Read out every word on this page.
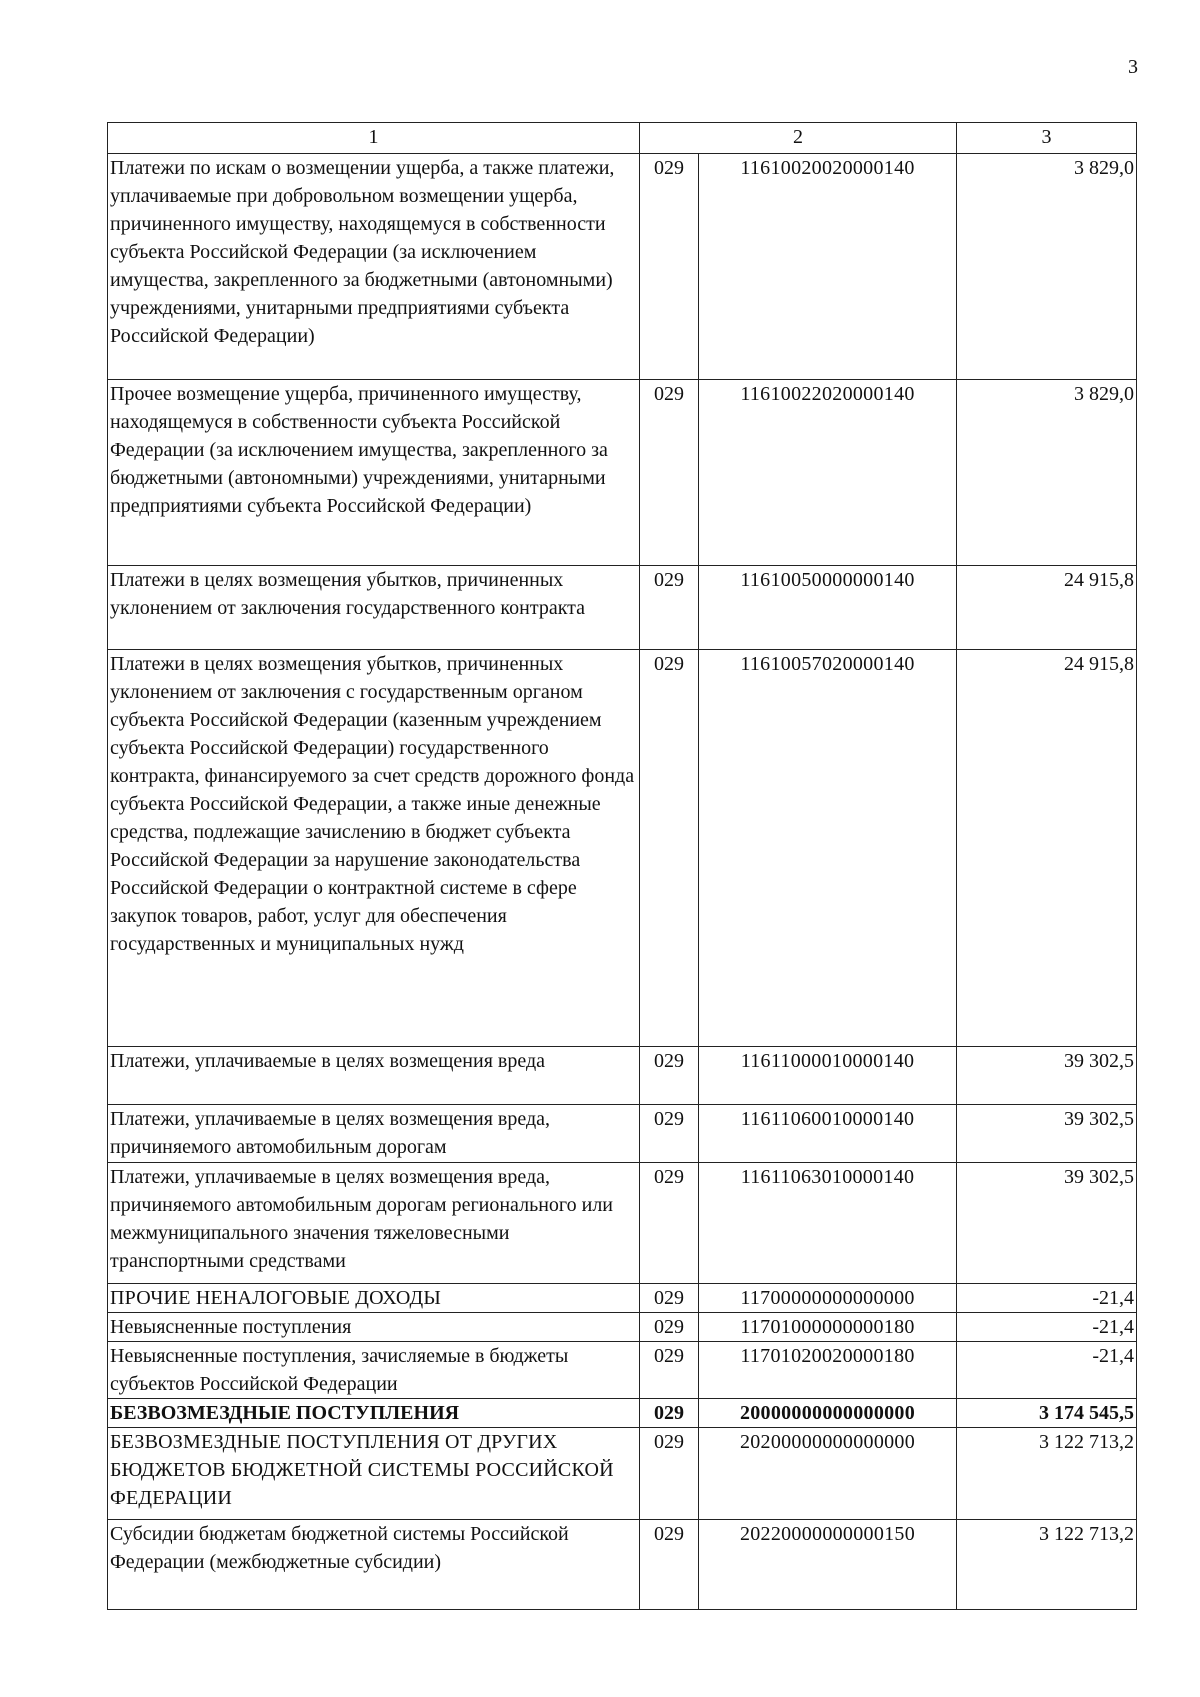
3
1	2		3
Платежи по искам о возмещении ущерба, а также платежи, уплачиваемые при добровольном возмещении ущерба, причиненного имуществу, находящемуся в собственности субъекта Российской Федерации (за исключением имущества, закрепленного за бюджетными (автономными) учреждениями, унитарными предприятиями субъекта Российской Федерации)	029	11610020020000140	3 829,0
Прочее возмещение ущерба, причиненного имуществу, находящемуся в собственности субъекта Российской Федерации (за исключением имущества, закрепленного за бюджетными (автономными) учреждениями, унитарными предприятиями субъекта Российской Федерации)	029	11610022020000140	3 829,0
Платежи в целях возмещения убытков, причиненных уклонением от заключения государственного контракта	029	11610050000000140	24 915,8
Платежи в целях возмещения убытков, причиненных уклонением от заключения с государственным органом субъекта Российской Федерации (казенным учреждением субъекта Российской Федерации) государственного контракта, финансируемого за счет средств дорожного фонда субъекта Российской Федерации, а также иные денежные средства, подлежащие зачислению в бюджет субъекта Российской Федерации за нарушение законодательства Российской Федерации о контрактной системе в сфере закупок товаров, работ, услуг для обеспечения государственных и муниципальных нужд	029	11610057020000140	24 915,8
Платежи, уплачиваемые в целях возмещения вреда	029	11611000010000140	39 302,5
Платежи, уплачиваемые в целях возмещения вреда, причиняемого автомобильным дорогам	029	11611060010000140	39 302,5
Платежи, уплачиваемые в целях возмещения вреда, причиняемого автомобильным дорогам регионального или межмуниципального значения тяжеловесными транспортными средствами	029	11611063010000140	39 302,5
ПРОЧИЕ НЕНАЛОГОВЫЕ ДОХОДЫ	029	11700000000000000	-21,4
Невыясненные поступления	029	11701000000000180	-21,4
Невыясненные поступления, зачисляемые в бюджеты субъектов Российской Федерации	029	11701020020000180	-21,4
БЕЗВОЗМЕЗДНЫЕ ПОСТУПЛЕНИЯ	029	20000000000000000	3 174 545,5
БЕЗВОЗМЕЗДНЫЕ ПОСТУПЛЕНИЯ ОТ ДРУГИХ БЮДЖЕТОВ БЮДЖЕТНОЙ СИСТЕМЫ РОССИЙСКОЙ ФЕДЕРАЦИИ	029	20200000000000000	3 122 713,2
Субсидии бюджетам бюджетной системы Российской Федерации (межбюджетные субсидии)	029	20220000000000150	3 122 713,2
